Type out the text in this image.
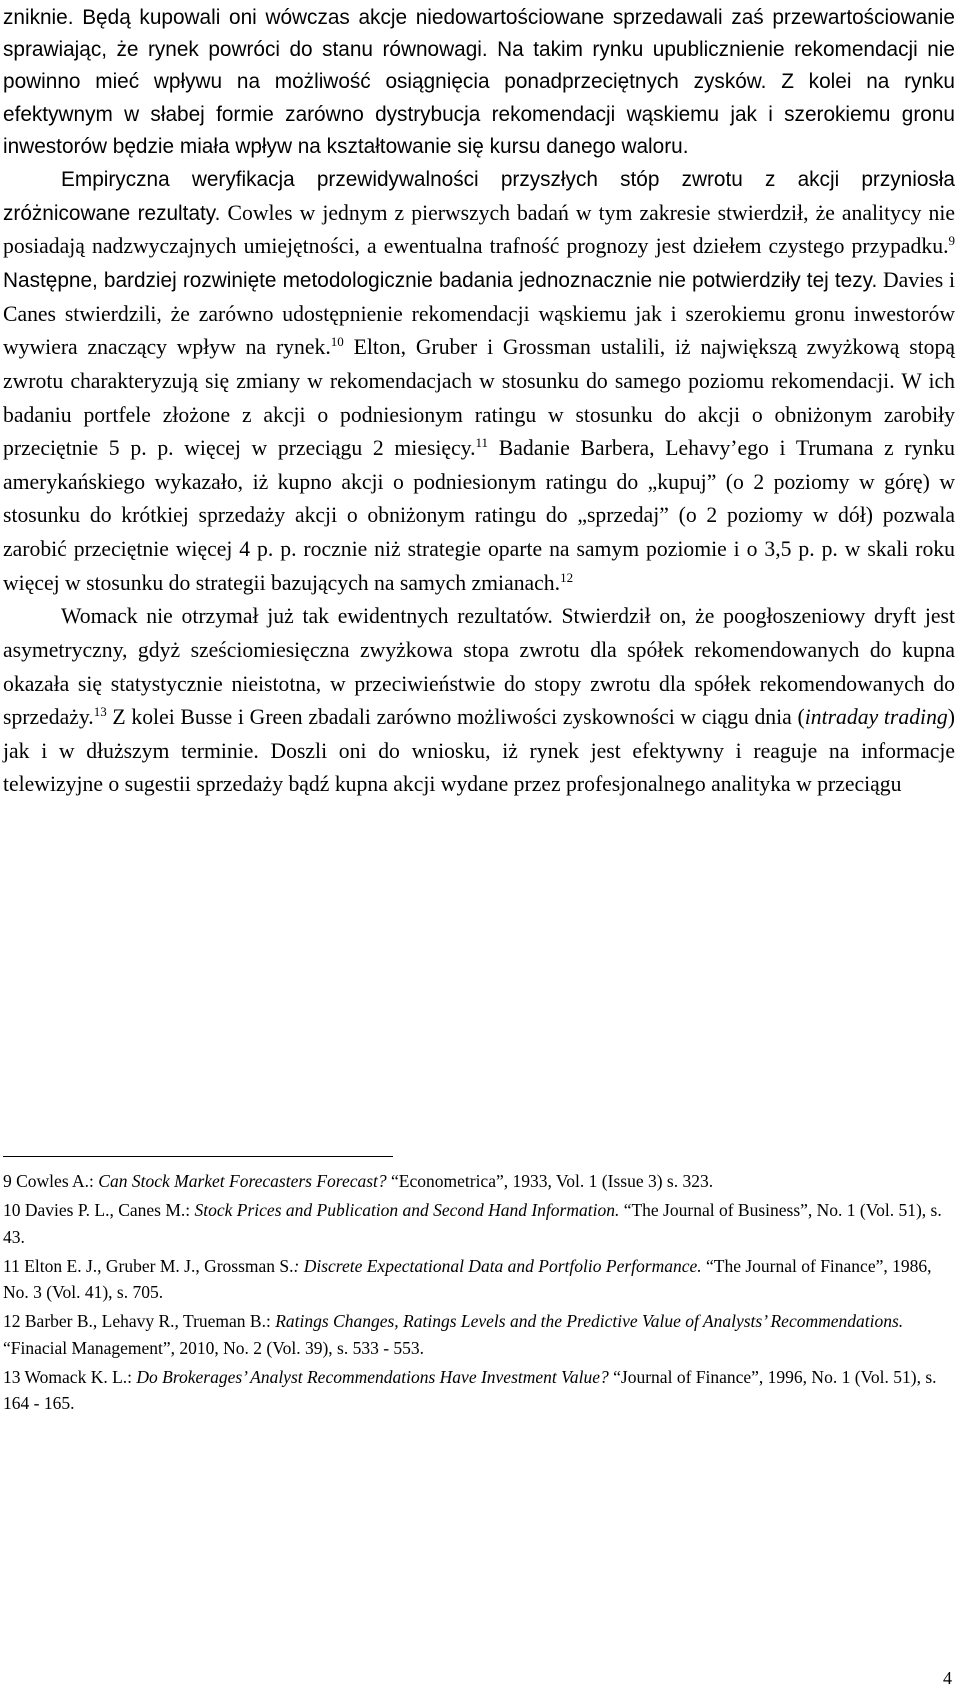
zniknie. Będą kupowali oni wówczas akcje niedowartościowane sprzedawali zaś przewartościowanie sprawiając, że rynek powróci do stanu równowagi. Na takim rynku upublicznienie rekomendacji nie powinno mieć wpływu na możliwość osiągnięcia ponadprzeciętnych zysków. Z kolei na rynku efektywnym w słabej formie zarówno dystrybucja rekomendacji wąskiemu jak i szerokiemu gronu inwestorów będzie miała wpływ na kształtowanie się kursu danego waloru.

Empiryczna weryfikacja przewidywalności przyszłych stóp zwrotu z akcji przyniosła zróżnicowane rezultaty. Cowles w jednym z pierwszych badań w tym zakresie stwierdził, że analitycy nie posiadają nadzwyczajnych umiejętności, a ewentualna trafność prognozy jest dziełem czystego przypadku.$^9$ Następne, bardziej rozwinięte metodologicznie badania jednoznacznie nie potwierdziły tej tezy. Davies i Canes stwierdzili, że zarówno udostępnienie rekomendacji wąskiemu jak i szerokiemu gronu inwestorów wywiera znaczący wpływ na rynek.$^{10}$ Elton, Gruber i Grossman ustalili, iż największą zwyżkową stopą zwrotu charakteryzują się zmiany w rekomendacjach w stosunku do samego poziomu rekomendacji. W ich badaniu portfele złożone z akcji o podniesionym ratingu w stosunku do akcji o obniżonym zarobiły przeciętnie 5 p. p. więcej w przeciągu 2 miesięcy.$^{11}$ Badanie Barbera, Lehavy’ego i Trumana z rynku amerykańskiego wykazało, iż kupno akcji o podniesionym ratingu do „kupuj” (o 2 poziomy w górę) w stosunku do krótkiej sprzedaży akcji o obniżonym ratingu do „sprzedaj” (o 2 poziomy w dół) pozwala zarobić przeciętnie więcej 4 p. p. rocznie niż strategie oparte na samym poziomie i o 3,5 p. p. w skali roku więcej w stosunku do strategii bazujących na samych zmianach.$^{12}$

Womack nie otrzymał już tak ewidentnych rezultatów. Stwierdził on, że poogłoszeniowy dryft jest asymetryczny, gdyż sześciomiesięczna zwyżkowa stopa zwrotu dla spółek rekomendowanych do kupna okazała się statystycznie nieistotna, w przeciwieństwie do stopy zwrotu dla spółek rekomendowanych do sprzedaży.$^{13}$ Z kolei Busse i Green zbadali zarówno możliwości zyskowności w ciągu dnia (intraday trading) jak i w dłuższym terminie. Doszli oni do wniosku, iż rynek jest efektywny i reaguje na informacje telewizyjne o sugestii sprzedaży bądź kupna akcji wydane przez profesjonalnego analityka w przeciągu

9 Cowles A.: Can Stock Market Forecasters Forecast? “Econometrica”, 1933, Vol. 1 (Issue 3) s. 323.

10 Davies P. L., Canes M.: Stock Prices and Publication and Second Hand Information. “The Journal of Business”, No. 1 (Vol. 51), s. 43.

11 Elton E. J., Gruber M. J., Grossman S.: Discrete Expectational Data and Portfolio Performance. “The Journal of Finance”, 1986, No. 3 (Vol. 41), s. 705.

12 Barber B., Lehavy R., Trueman B.: Ratings Changes, Ratings Levels and the Predictive Value of Analysts’ Recommendations. “Finacial Management”, 2010, No. 2 (Vol. 39), s. 533 - 553.

13 Womack K. L.: Do Brokerages’ Analyst Recommendations Have Investment Value? “Journal of Finance”, 1996, No. 1 (Vol. 51), s. 164 - 165.

4
